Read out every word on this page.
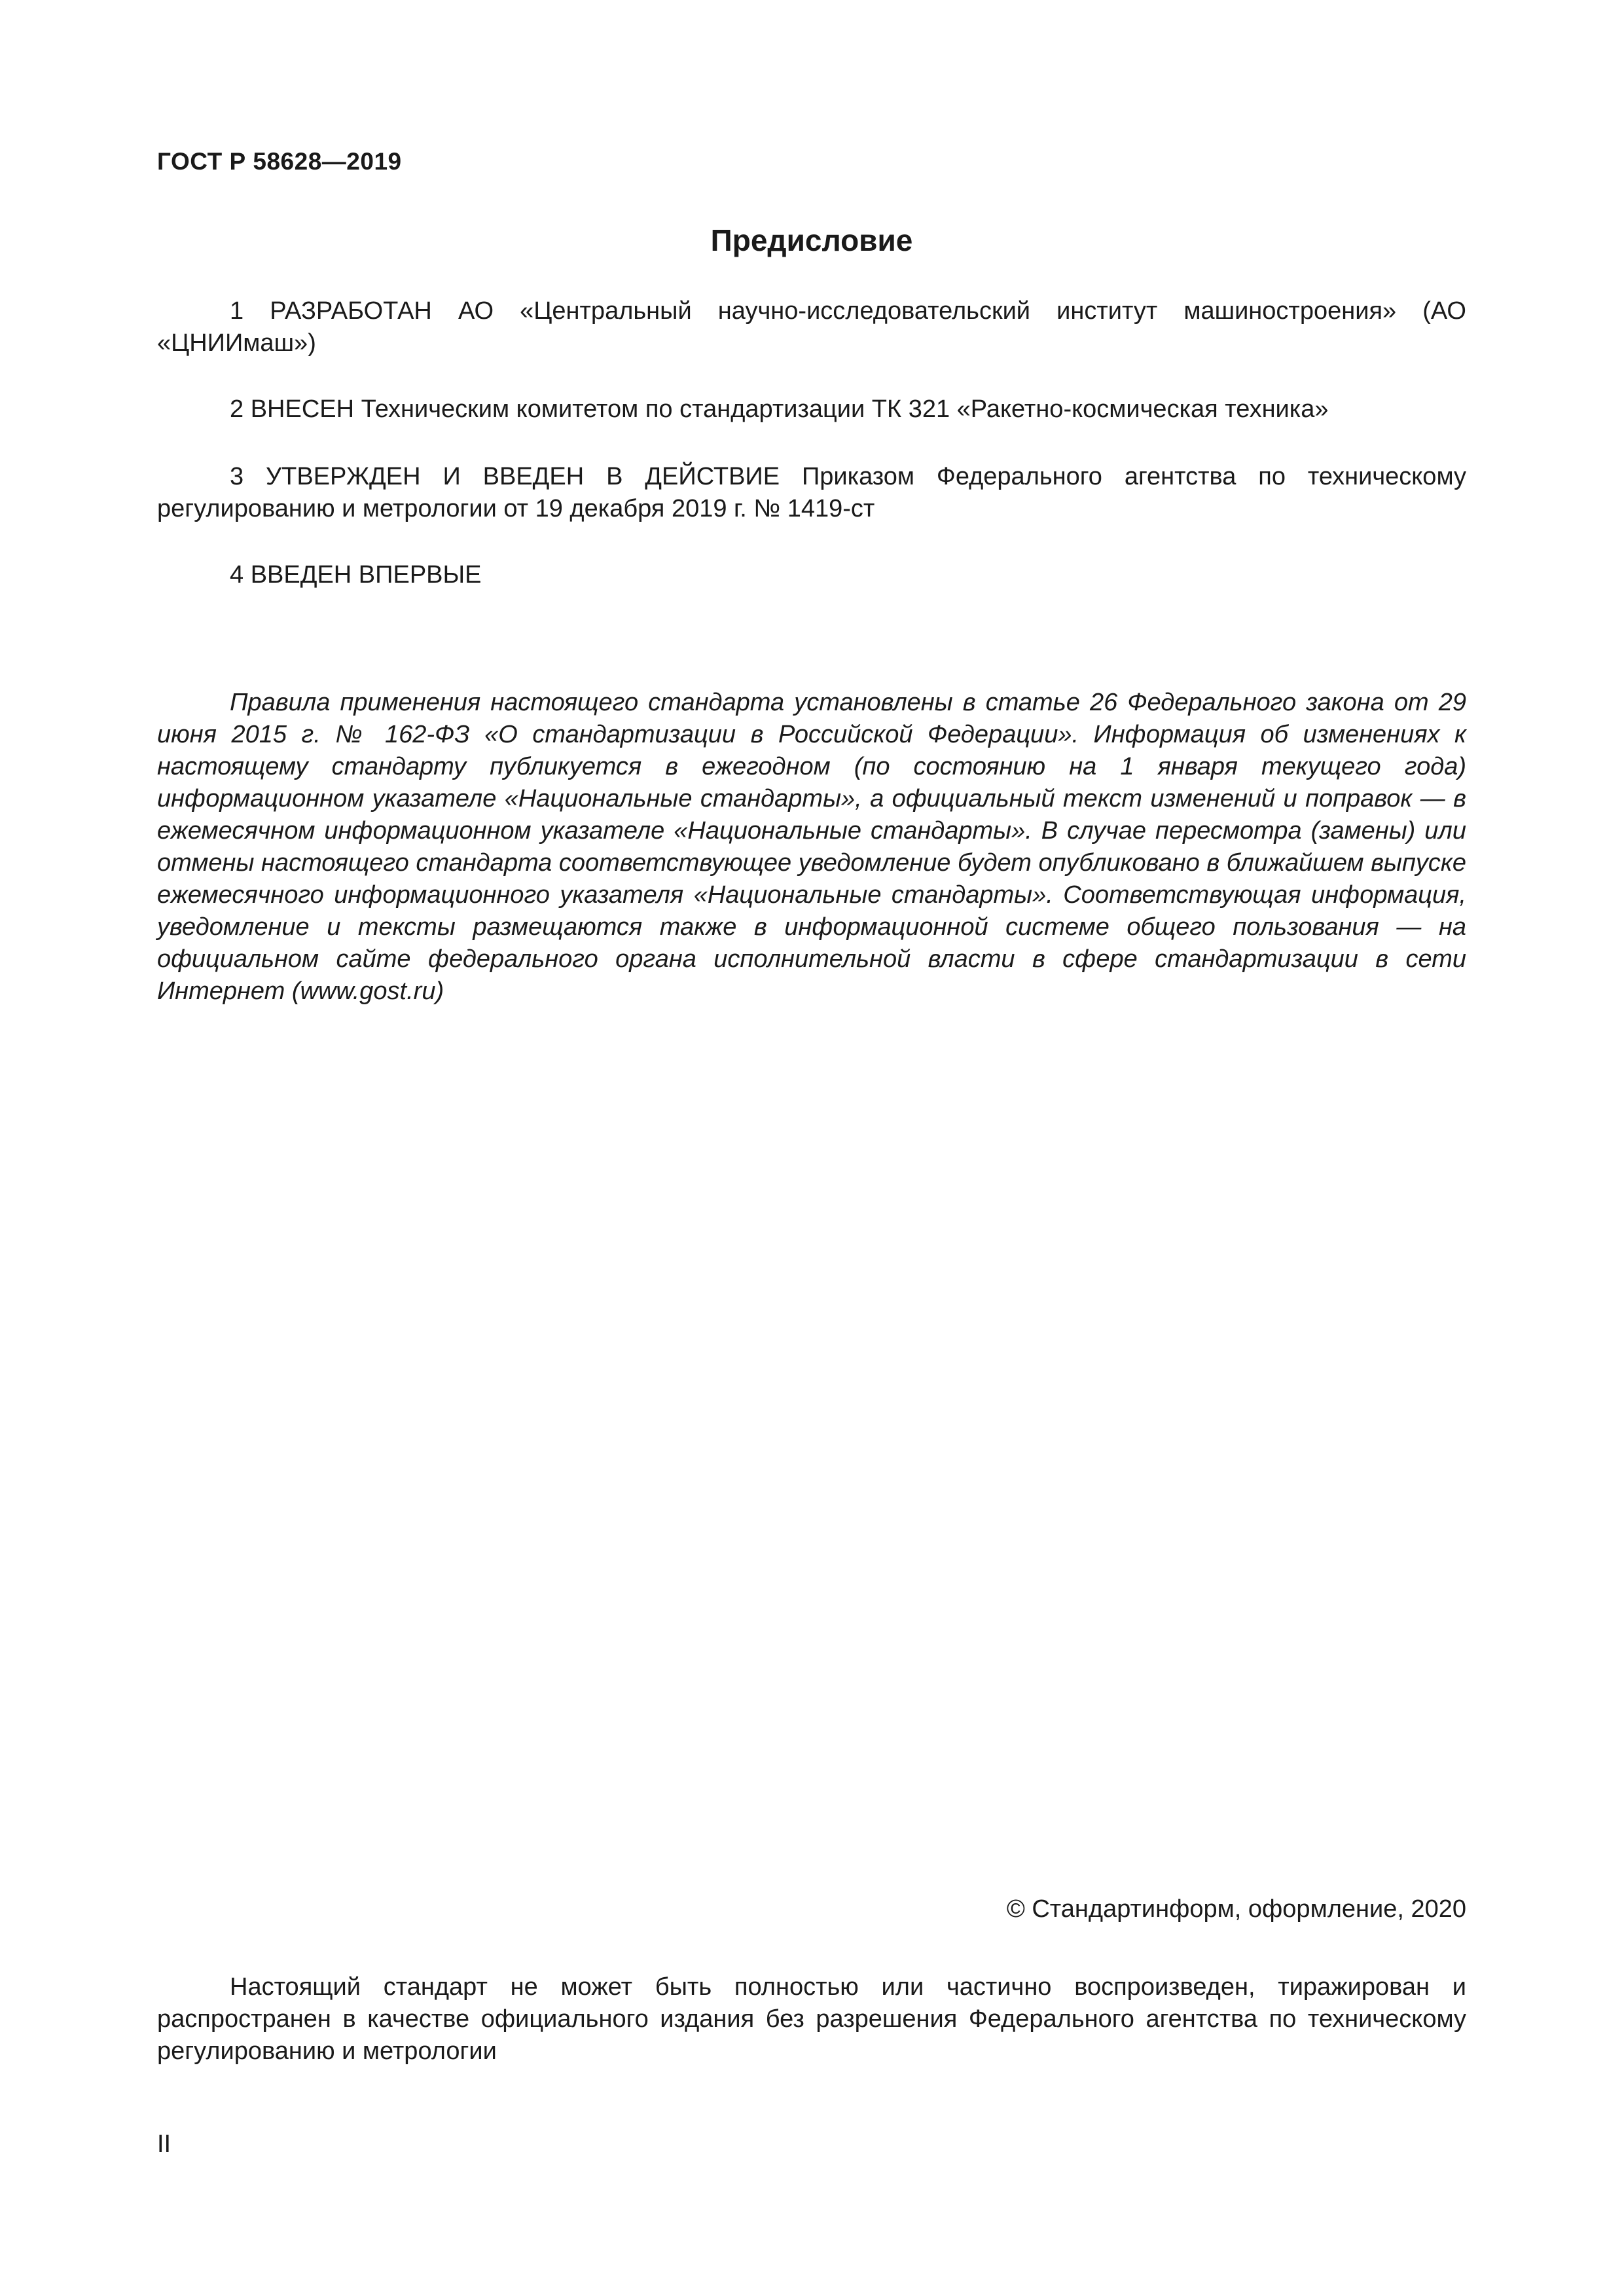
ГОСТ Р 58628—2019

Предисловие

1 РАЗРАБОТАН АО «Центральный научно-исследовательский институт машиностроения» (АО «ЦНИИмаш»)

2 ВНЕСЕН Техническим комитетом по стандартизации ТК 321 «Ракетно-космическая техника»

3 УТВЕРЖДЕН И ВВЕДЕН В ДЕЙСТВИЕ Приказом Федерального агентства по техническому регулированию и метрологии от 19 декабря 2019 г. № 1419-ст

4 ВВЕДЕН ВПЕРВЫЕ

Правила применения настоящего стандарта установлены в статье 26 Федерального закона от 29 июня 2015 г. № 162-ФЗ «О стандартизации в Российской Федерации». Информация об изменениях к настоящему стандарту публикуется в ежегодном (по состоянию на 1 января текущего года) информационном указателе «Национальные стандарты», а официальный текст изменений и поправок — в ежемесячном информационном указателе «Национальные стандарты». В случае пересмотра (замены) или отмены настоящего стандарта соответствующее уведомление будет опубликовано в ближайшем выпуске ежемесячного информационного указателя «Национальные стандарты». Соответствующая информация, уведомление и тексты размещаются также в информационной системе общего пользования — на официальном сайте федерального органа исполнительной власти в сфере стандартизации в сети Интернет (www.gost.ru)

© Стандартинформ, оформление, 2020

Настоящий стандарт не может быть полностью или частично воспроизведен, тиражирован и распространен в качестве официального издания без разрешения Федерального агентства по техническому регулированию и метрологии

II
